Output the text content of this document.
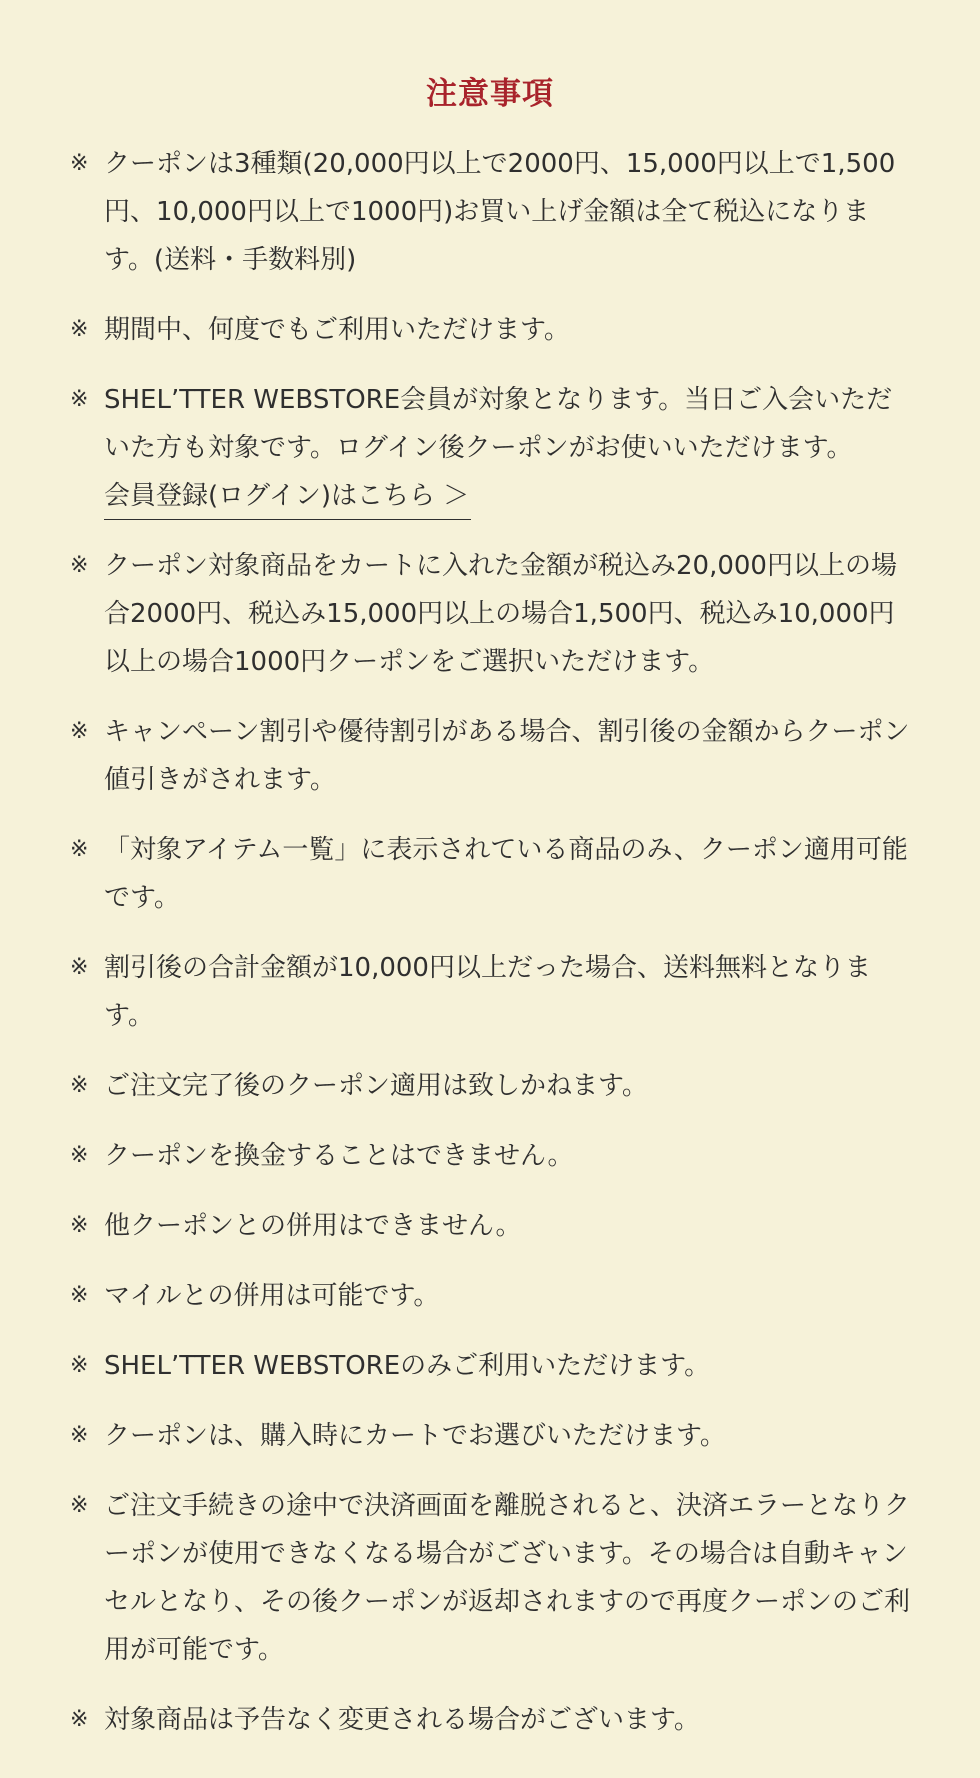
注意事項
※ クーポンは3種類(20,000円以上で2000円、15,000円以上で1,500円、10,000円以上で1000円)お買い上げ金額は全て税込になります。(送料・手数料別)
※ 期間中、何度でもご利用いただけます。
※ SHEL’TTER WEBSTORE会員が対象となります。当日ご入会いただいた方も対象です。ログイン後クーポンがお使いいただけます。
会員登録(ログイン)はこちら ＞
※ クーポン対象商品をカートに入れた金額が税込み20,000円以上の場合2000円、税込み15,000円以上の場合1,500円、税込み10,000円以上の場合1000円クーポンをご選択いただけます。
※ キャンペーン割引や優待割引がある場合、割引後の金額からクーポン値引きがされます。
※ 「対象アイテム一覧」に表示されている商品のみ、クーポン適用可能です。
※ 割引後の合計金額が10,000円以上だった場合、送料無料となります。
※ ご注文完了後のクーポン適用は致しかねます。
※ クーポンを換金することはできません。
※ 他クーポンとの併用はできません。
※ マイルとの併用は可能です。
※ SHEL’TTER WEBSTOREのみご利用いただけます。
※ クーポンは、購入時にカートでお選びいただけます。
※ ご注文手続きの途中で決済画面を離脱されると、決済エラーとなりクーポンが使用できなくなる場合がございます。その場合は自動キャンセルとなり、その後クーポンが返却されますので再度クーポンのご利用が可能です。
※ 対象商品は予告なく変更される場合がございます。
